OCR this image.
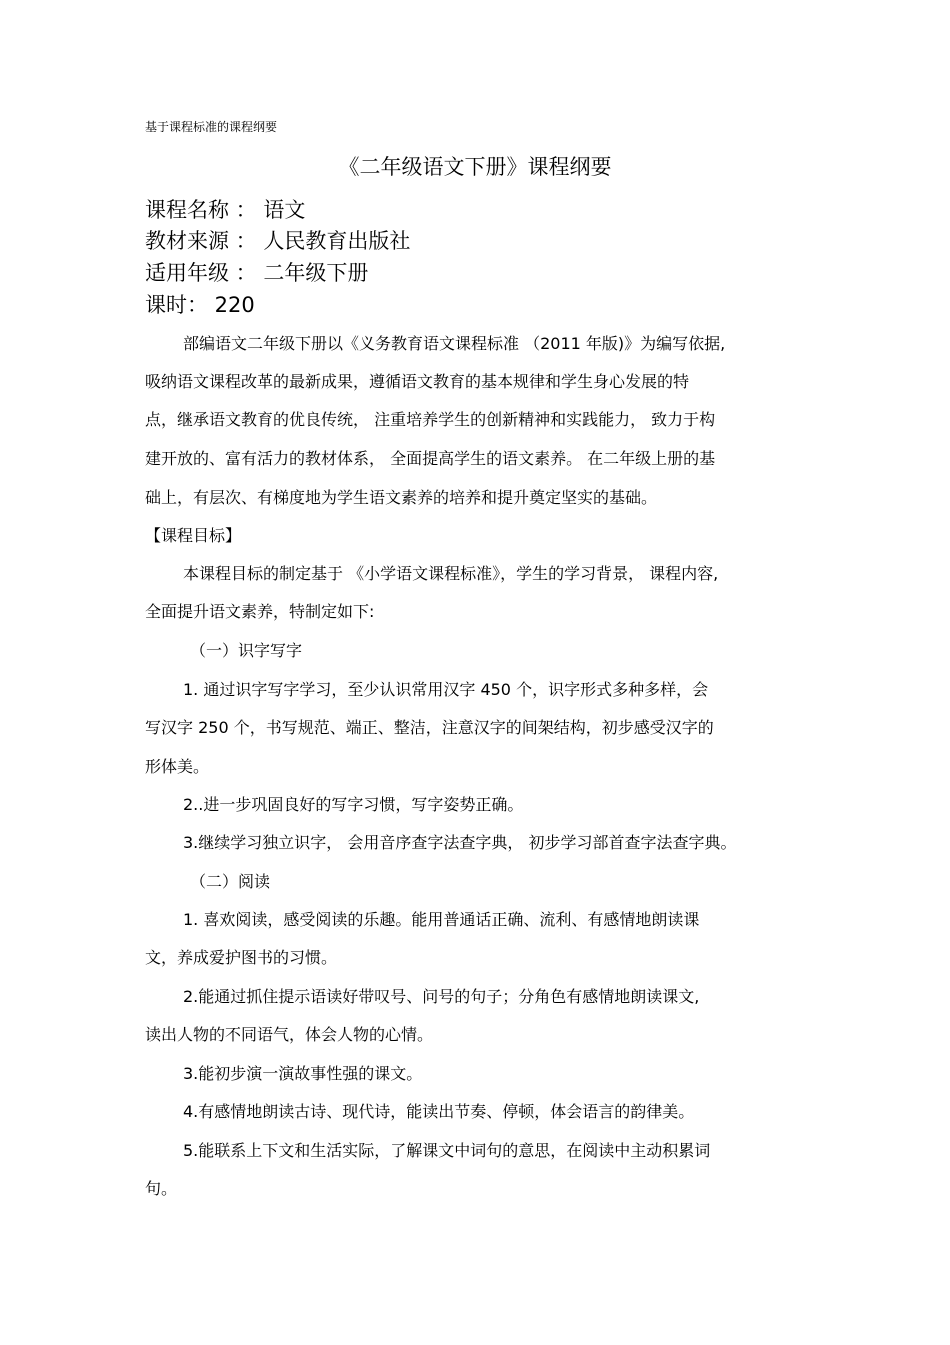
基于课程标准的课程纲要
《二年级语文下册》课程纲要
课程名称 ： 语文
教材来源 ： 人民教育出版社
适用年级 ： 二年级下册
课时： 220
部编语文二年级下册以《义务教育语文课程标准 （2011 年版)》为编写依据,
吸纳语文课程改革的最新成果，遵循语文教育的基本规律和学生身心发展的特
点，继承语文教育的优良传统， 注重培养学生的创新精神和实践能力， 致力于构
建开放的、富有活力的教材体系， 全面提高学生的语文素养。 在二年级上册的基
础上，有层次、有梯度地为学生语文素养的培养和提升奠定坚实的基础。
【课程目标】
本课程目标的制定基于 《小学语文课程标准》，学生的学习背景， 课程内容,
全面提升语文素养，特制定如下:
（一）识字写字
1. 通过识字写字学习，至少认识常用汉字 450 个，识字形式多种多样，会
写汉字 250 个，书写规范、端正、整洁，注意汉字的间架结构，初步感受汉字的
形体美。
2..进一步巩固良好的写字习惯，写字姿势正确。
3.继续学习独立识字， 会用音序查字法查字典， 初步学习部首查字法查字典。
（二）阅读
1. 喜欢阅读，感受阅读的乐趣。能用普通话正确、流利、有感情地朗读课
文，养成爱护图书的习惯。
2.能通过抓住提示语读好带叹号、问号的句子；分角色有感情地朗读课文,
读出人物的不同语气，体会人物的心情。
3.能初步演一演故事性强的课文。
4.有感情地朗读古诗、现代诗，能读出节奏、停顿，体会语言的韵律美。
5.能联系上下文和生活实际，了解课文中词句的意思，在阅读中主动积累词
句。
